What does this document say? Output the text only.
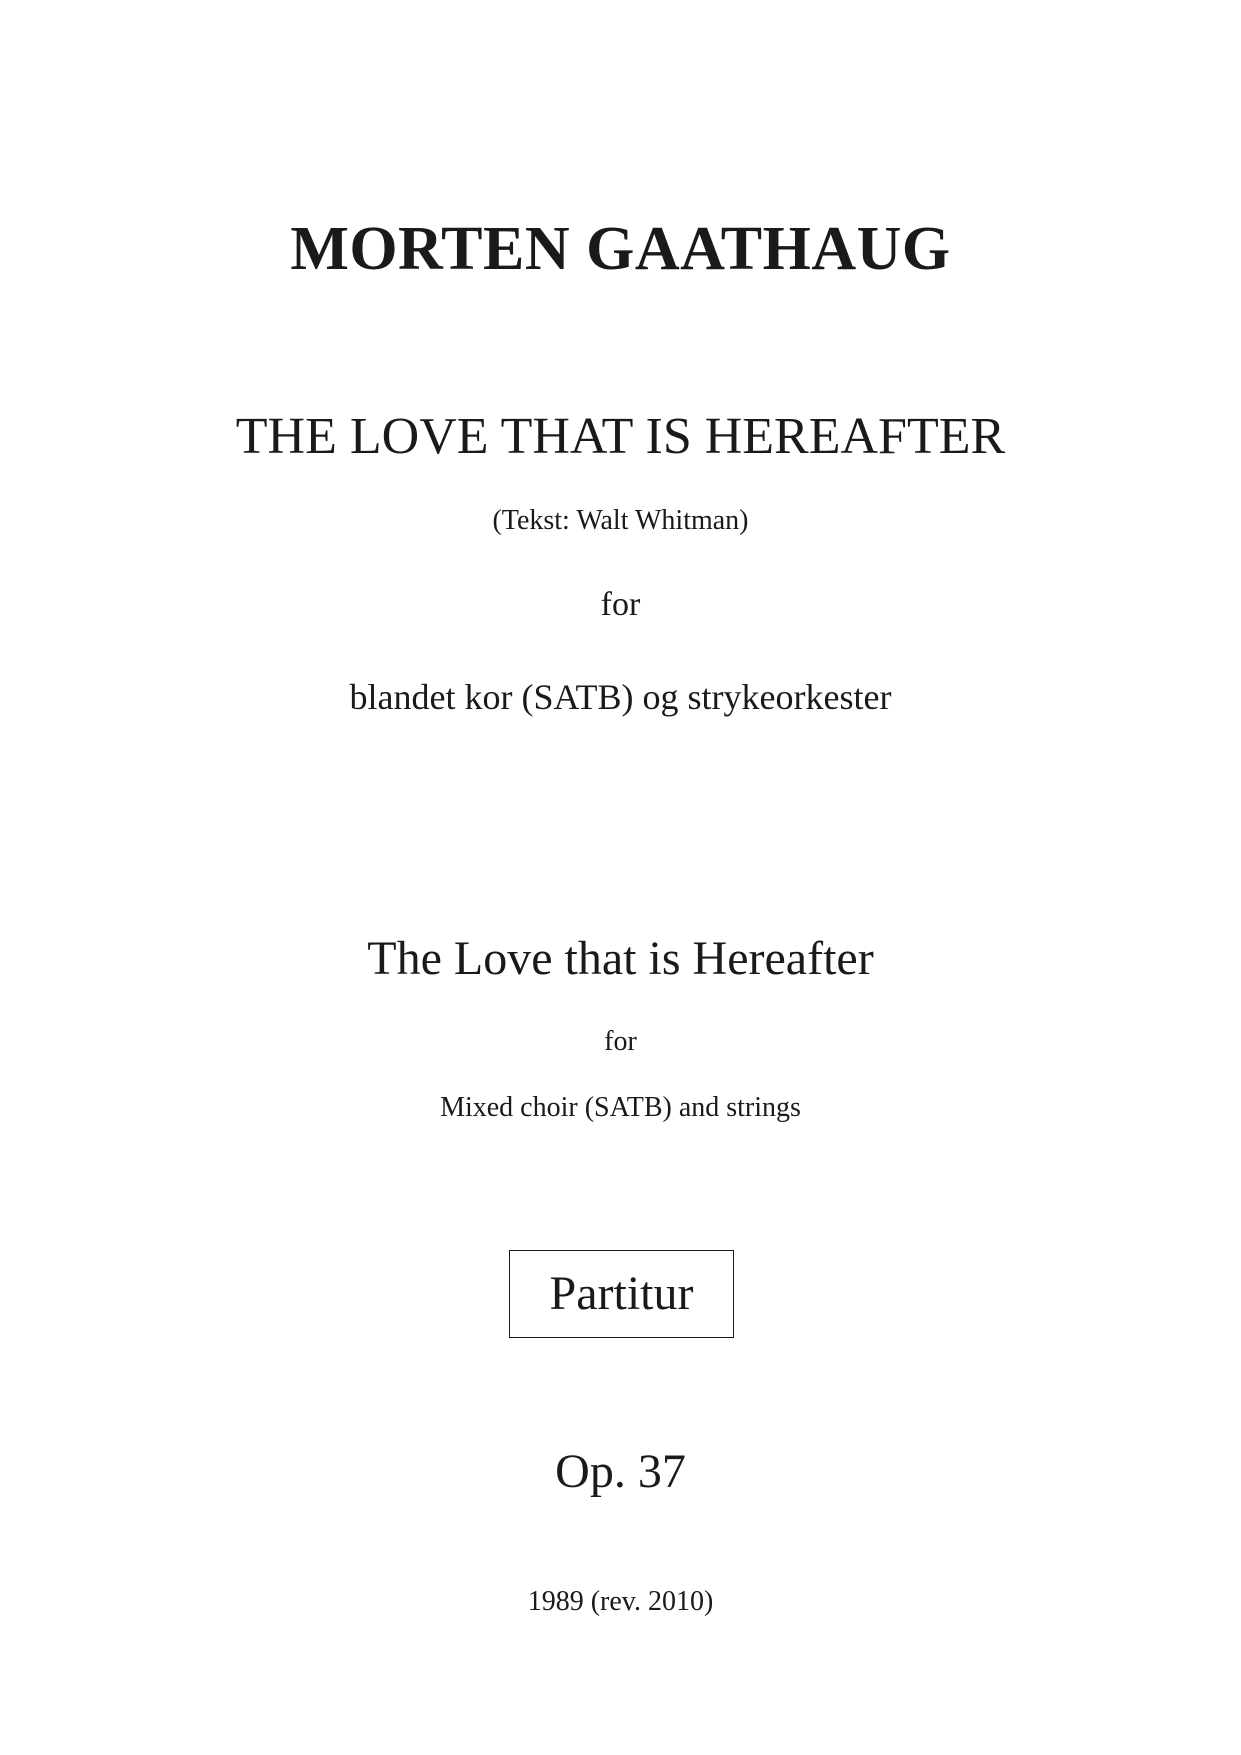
MORTEN GAATHAUG
THE LOVE THAT IS HEREAFTER
(Tekst: Walt Whitman)
for
blandet kor (SATB) og strykeorkester
The Love that is Hereafter
for
Mixed choir (SATB) and strings
Partitur
Op. 37
1989 (rev. 2010)
